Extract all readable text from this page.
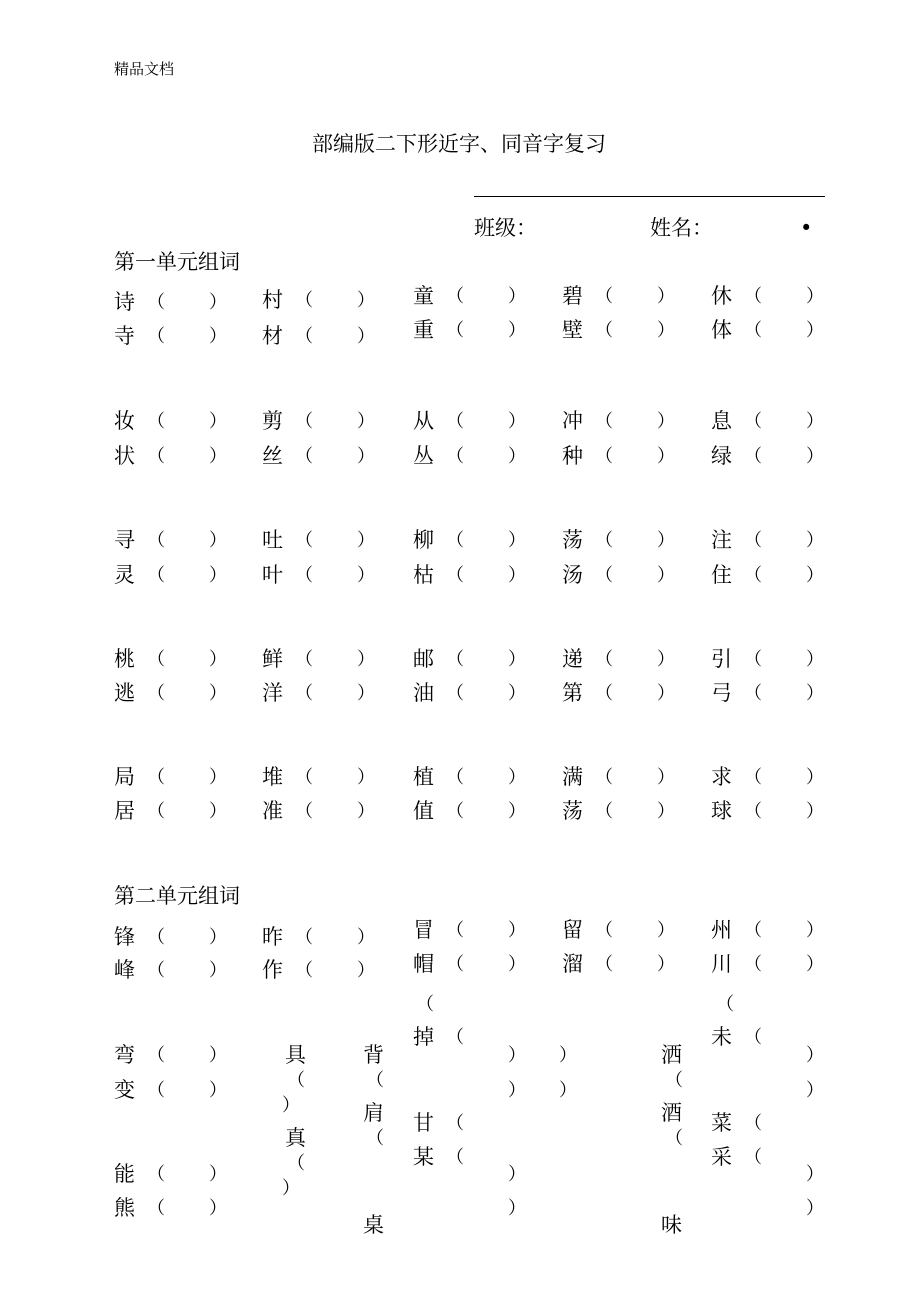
精品文档
部编版二下形近字、同音字复习
班级：	姓名：	•
第一单元组词
第二单元组词
诗 （ ）
寺 （ ）
村 （ ）
材 （ ）
童 （ ）
重 （ ）
碧 （ ）
壁 （ ）
休 （ ）
体 （ ）
妆 （ ）
状 （ ）
剪 （ ）
丝 （ ）
从 （ ）
丛 （ ）
冲 （ ）
种 （ ）
息 （ ）
绿 （ ）
寻 （ ）
灵 （ ）
吐 （ ）
叶 （ ）
柳 （ ）
枯 （ ）
荡 （ ）
汤 （ ）
注 （ ）
住 （ ）
桃 （ ）
逃 （ ）
鲜 （ ）
洋 （ ）
邮 （ ）
油 （ ）
递 （ ）
第 （ ）
引 （ ）
弓 （ ）
局 （ ）
居 （ ）
堆 （ ）
准 （ ）
植 （ ）
值 （ ）
满 （ ）
荡 （ ）
求 （ ）
球 （ ）
锋 （ ）
峰 （ ）
昨 （ ）
作 （ ）
冒 （ ）
帽 （ ）
留 （ ）
溜 （ ）
州 （ ）
川 （ ）
弯 （ ）
变 （ ）
能 （ ）
熊 （ ）
具
（
）
真
（
）
背
（
肩
（
桌
（
掉 （
甘 （
某 （
）
）
）
）
）
）
洒
（
酒
（
味
（
未 （
菜 （
采 （
）
）
）
）
